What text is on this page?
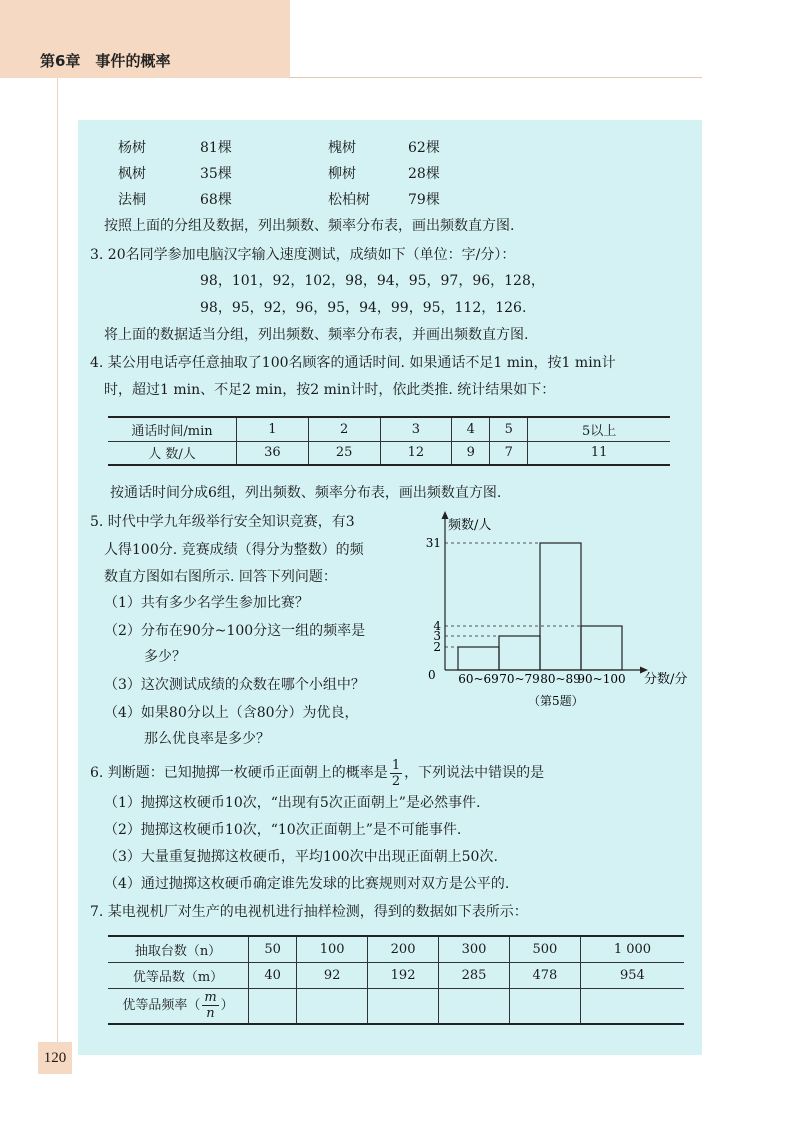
第6章　事件的概率
杨树	81棵	槐树	62棵
枫树	35棵	柳树	28棵
法桐	68棵	松柏树	79棵
按照上面的分组及数据，列出频数、频率分布表，画出频数直方图.
3. 20名同学参加电脑汉字输入速度测试，成绩如下（单位：字/分）：
98，101，92，102，98，94，95，97，96，128，
98，95，92，96，95，94，99，95，112，126.
将上面的数据适当分组，列出频数、频率分布表，并画出频数直方图.
4. 某公用电话亭任意抽取了100名顾客的通话时间. 如果通话不足1 min，按1 min计
时，超过1 min、不足2 min，按2 min计时，依此类推. 统计结果如下：
通话时间/min	1	2	3	4	5	5以上
人 数/人	36	25	12	9	7	11
按通话时间分成6组，列出频数、频率分布表，画出频数直方图.
5. 时代中学九年级举行安全知识竞赛，有3
人得100分. 竞赛成绩（得分为整数）的频
数直方图如右图所示. 回答下列问题：
（1）共有多少名学生参加比赛？
（2）分布在90分~100分这一组的频率是
多少？
（3）这次测试成绩的众数在哪个小组中？
（4）如果80分以上（含80分）为优良，
那么优良率是多少？
频数/人
分数/分
0
（第5题）
60~69 70~79 80~89
90~100
2
3
4
31
6. 判断题：已知抛掷一枚硬币正面朝上的概率是 $\frac{1}{2}$ ，下列说法中错误的是
（1）抛掷这枚硬币10次，“出现有5次正面朝上”是必然事件.
（2）抛掷这枚硬币10次，“10次正面朝上”是不可能事件.
（3）大量重复抛掷这枚硬币，平均100次中出现正面朝上50次.
（4）通过抛掷这枚硬币确定谁先发球的比赛规则对双方是公平的.
7. 某电视机厂对生产的电视机进行抽样检测，得到的数据如下表所示：
抽取台数（n）	50	100	200	300	500	1 000
优等品数（m）	40	92	192	285	478	954
优等品频率（ $\frac{m}{n}$ ）						
120
